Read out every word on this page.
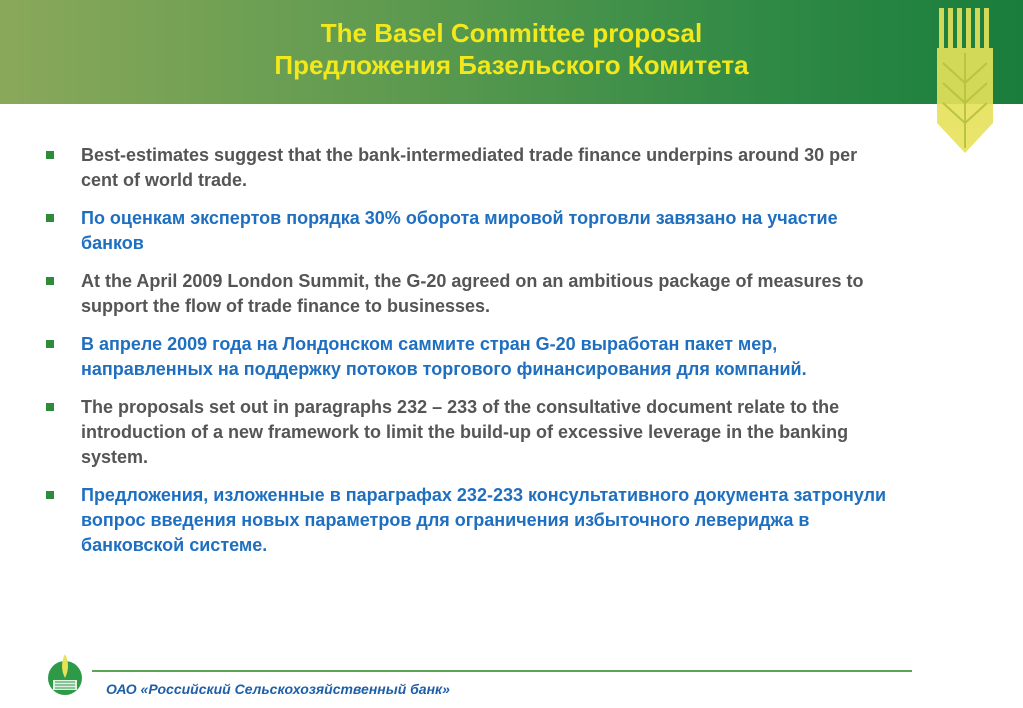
The Basel Committee proposal
Предложения Базельского Комитета
Best-estimates suggest that the bank-intermediated trade finance underpins around 30 per cent of world trade.
По оценкам экспертов порядка 30% оборота мировой торговли завязано на участие банков
At the April 2009 London Summit, the G-20 agreed on an ambitious package of measures to support the flow of trade finance to businesses.
В апреле 2009 года на Лондонском саммите стран G-20 выработан пакет мер, направленных на поддержку потоков торгового финансирования для компаний.
The proposals set out in paragraphs 232 – 233 of the consultative document relate to the introduction of a new framework to limit the build-up of excessive leverage in the banking system.
Предложения, изложенные в параграфах 232-233 консультативного документа затронули вопрос введения новых параметров для ограничения избыточного левериджа в банковской системе.
ОАО «Российский Сельскохозяйственный банк»
